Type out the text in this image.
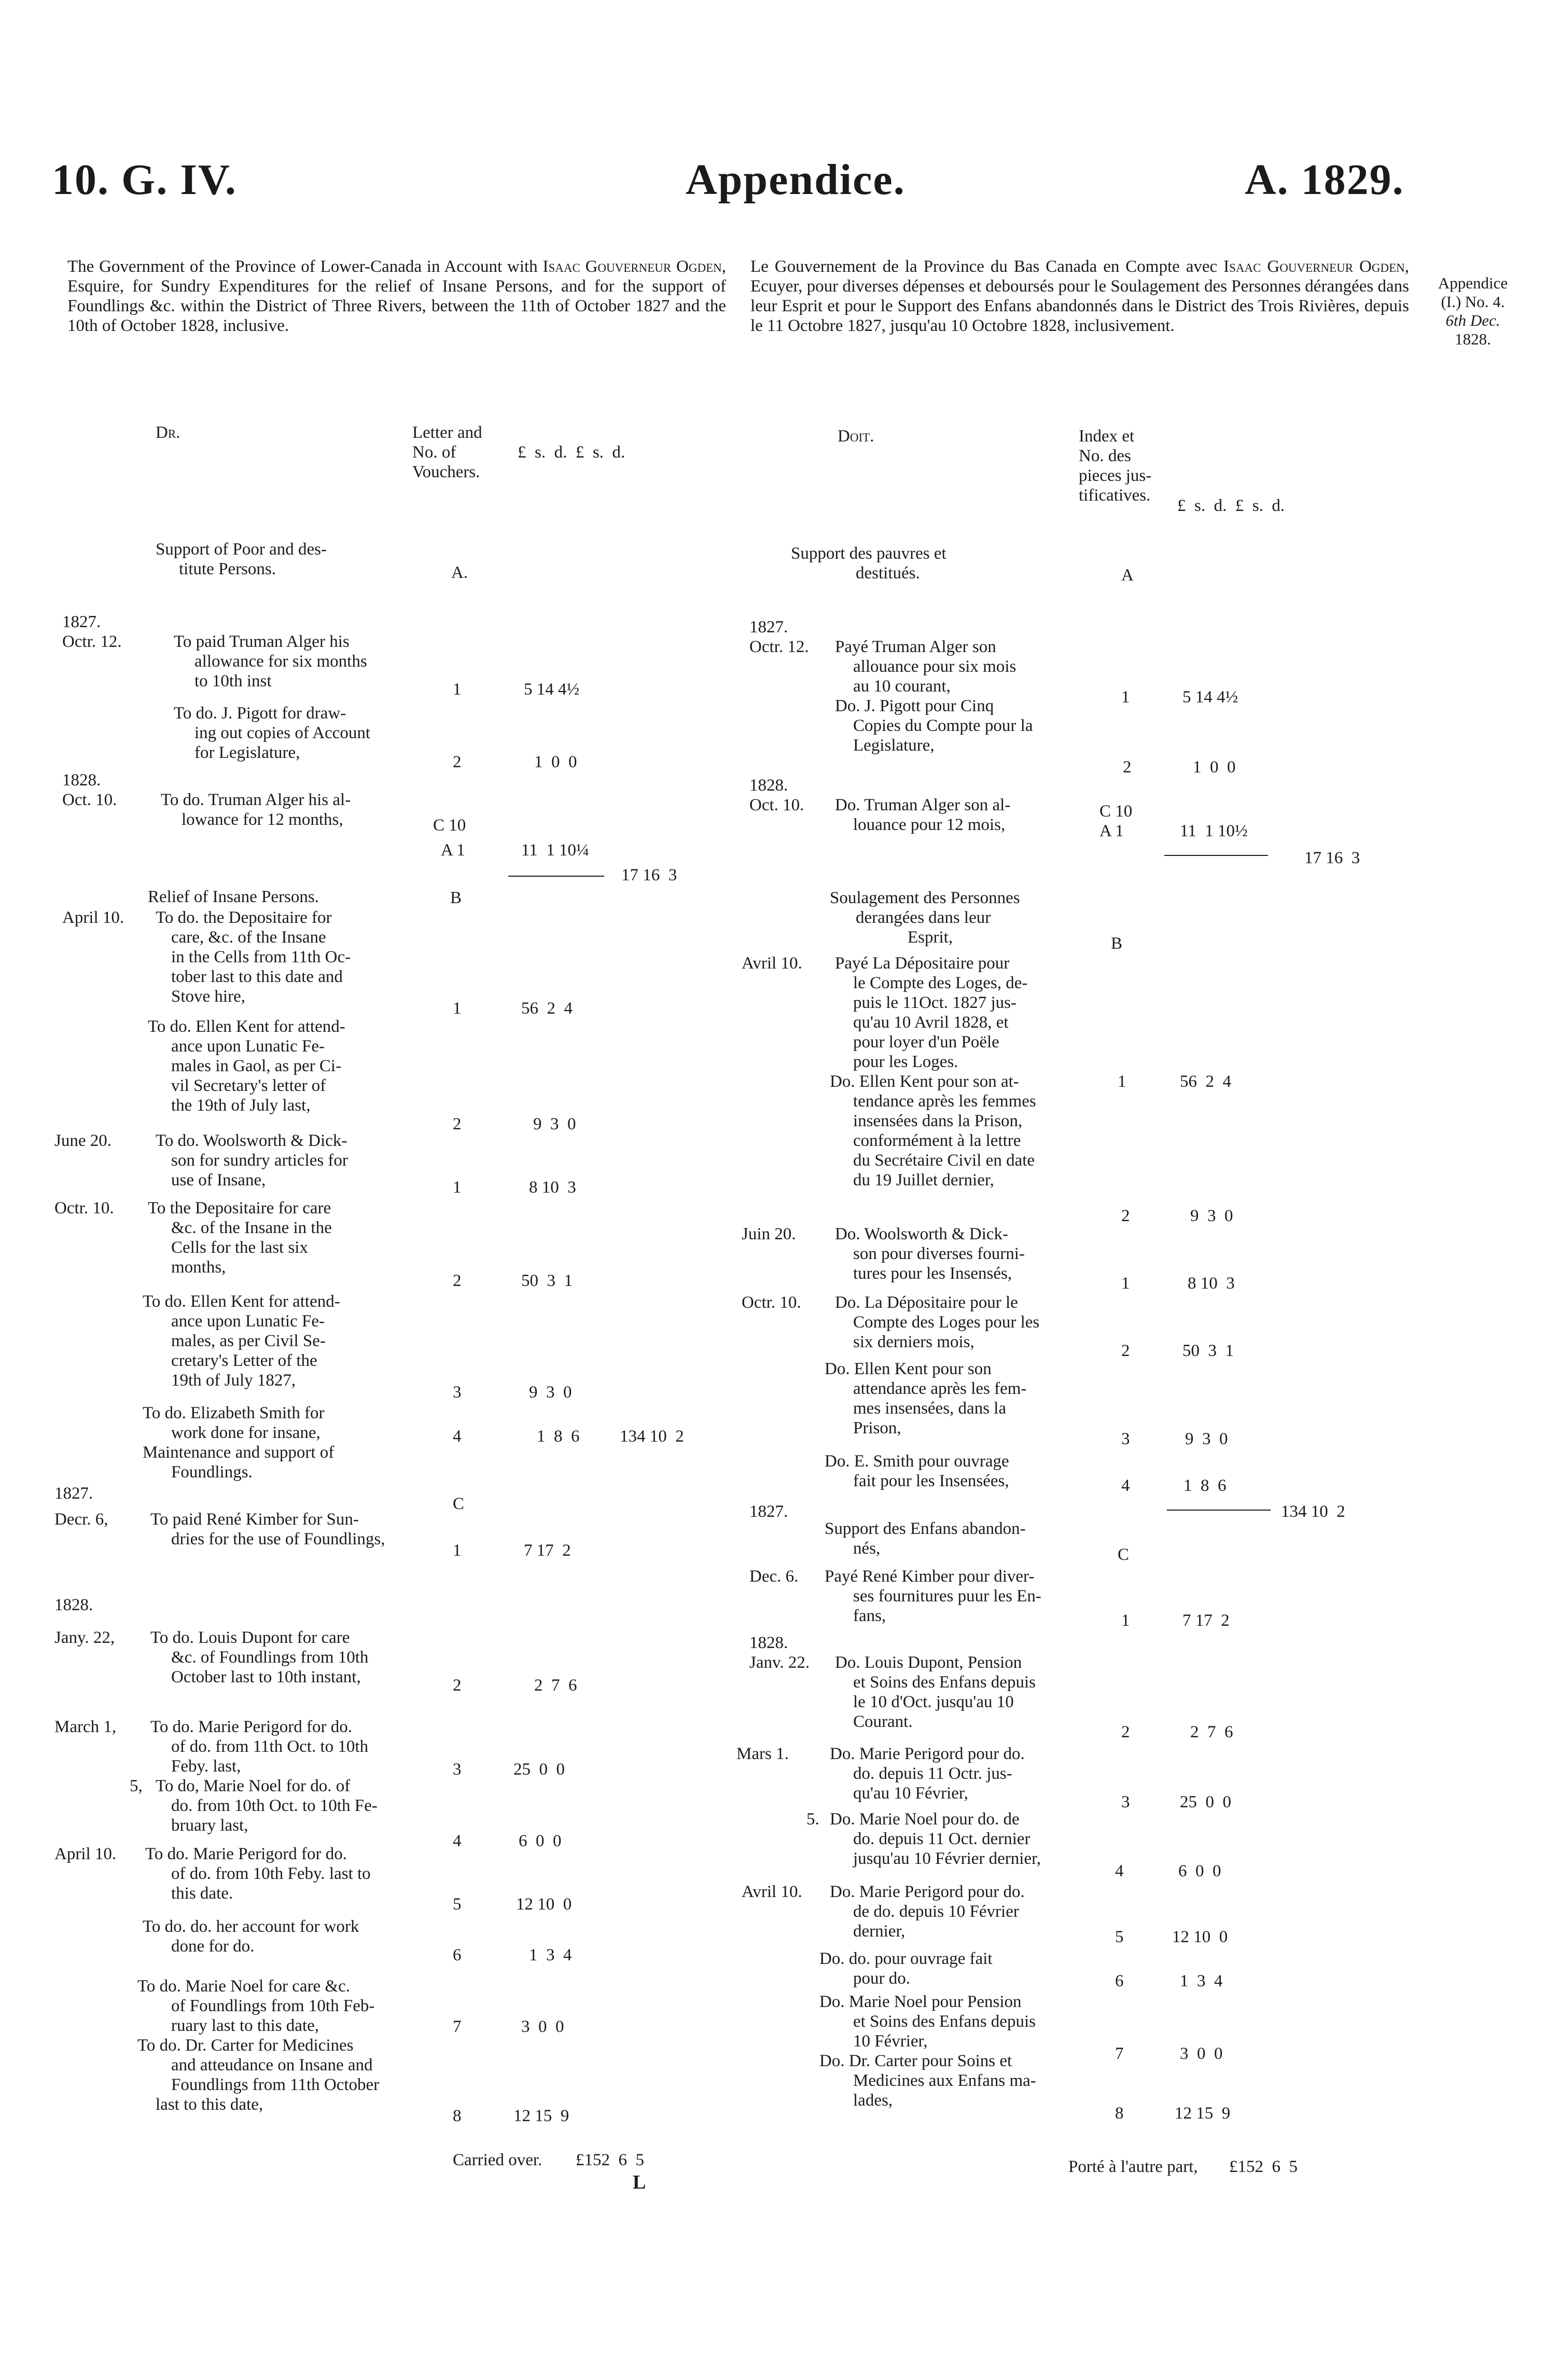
10. G. IV.	Appendice.	A. 1829.
Appendice
(I.) No. 4.
6th Dec.
1828.
The Government of the Province of Lower-Canada in Account with Isaac Gouverneur Ogden, Esquire, for Sundry Expenditures for the relief of Insane Persons, and for the support of Foundlings &c. within the District of Three Rivers, between the 11th of October 1827 and the 10th of October 1828, inclusive.
Le Gouvernement de la Province du Bas Canada en Compte avec Isaac Gouverneur Ogden, Ecuyer, pour diverses dépenses et deboursés pour le Soulagement des Personnes dérangées dans leur Esprit et pour le Support des Enfans abandonnés dans le District des Trois Rivières, depuis le 11 Octobre 1827, jusqu'au 10 Octobre 1828, inclusivement.
Dr.	Letter and
No. of
Vouchers.
£  s.  d.  £  s.  d.
Doit.	Index et
No. des
pieces jus-
tificatives.
£  s.  d.  £  s.  d.
Support of Poor and des-
titute Persons.	A.
Support des pauvres et
destitués.	A
1827.
Octr. 12.	To paid Truman Alger his
allowance for six months
to 10th inst	1	5 14 4½
To do. J. Pigott for draw-
ing out copies of Account
for Legislature,	2	1  0  0
1828.
Oct. 10.	To do. Truman Alger his al-
lowance for 12 months,	C 10
A 1	11  1 10¼
17 16  3
Relief of Insane Persons.	B
April 10. To do. the Depositaire for
care, &c. of the Insane
in the Cells from 11th Oc-
tober last to this date and
Stove hire,
1	56  2  4
To do. Ellen Kent for attend-
ance upon Lunatic Fe-
males in Gaol, as per Ci-
vil Secretary's letter of
the 19th of July last,
2	9  3  0
June 20.	To do. Woolsworth & Dick-
son for sundry articles for
use of Insane,	1	8 10  3
Octr. 10. To the Depositaire for care
&c. of the Insane in the
Cells for the last six
months,
2	50  3  1
To do. Ellen Kent for attend-
ance upon Lunatic Fe-
males, as per Civil Se-
cretary's Letter of the
19th of July 1827,
3	9  3  0
To do. Elizabeth Smith for
work done for insane,	4	1  8  6 134 10  2
Maintenance and support of
Foundlings.
C
1827.
Decr. 6, To paid René Kimber for Sun-
dries for the use of Foundlings,
1	7 17  2
1828.
Jany. 22, To do. Louis Dupont for care
&c. of Foundlings from 10th
October last to 10th instant,	2	2  7  6
March 1, To do. Marie Perigord for do.
of do. from 11th Oct. to 10th
Feby. last,	3	25  0  0
5, To do, Marie Noel for do. of
do. from 10th Oct. to 10th Fe-
bruary last,
4	6  0  0
April 10. To do. Marie Perigord for do.
of do. from 10th Feby. last to
this date.
5	12 10  0
To do. do. her account for work
done for do.	6	1  3  4
To do. Marie Noel for care &c.
of Foundlings from 10th Feb-
ruary last to this date,	7	3  0  0
To do. Dr. Carter for Medicines
and atteudance on Insane and
Foundlings from 11th October
last to this date,
8	12 15  9
Carried over. £152  6  5
L
1827.
Octr. 12. Payé Truman Alger son
allouance pour six mois
au 10 courant,
1	5 14 4½
Do. J. Pigott pour Cinq
Copies du Compte pour la
Legislature,
2	1  0  0
1828.
Oct. 10. Do. Truman Alger son al-
louance pour 12 mois,
C 10
A 1	11  1 10½
17 16  3
Soulagement des Personnes
derangées dans leur
Esprit,	B
Avril 10. Payé La Dépositaire pour
le Compte des Loges, de-
puis le 11Oct. 1827 jus-
qu'au 10 Avril 1828, et
pour loyer d'un Poële
pour les Loges.
1	56  2  4
Do. Ellen Kent pour son at-
tendance après les femmes
insensées dans la Prison,
conformément à la lettre
du Secrétaire Civil en date
du 19 Juillet dernier,
2	9  3  0
Juin 20. Do. Woolsworth & Dick-
son pour diverses fourni-
tures pour les Insensés,
1	8 10  3
Octr. 10. Do. La Dépositaire pour le
Compte des Loges pour les
six derniers mois,	2	50  3  1
Do. Ellen Kent pour son
attendance après les fem-
mes insensées, dans la
Prison,
3	9  3  0
Do. E. Smith pour ouvrage
fait pour les Insensées,	4	1  8  6
134 10  2
Support des Enfans abandon-
nés,	C
1827.
Dec. 6. Payé René Kimber pour diver-
ses fournitures puur les En-
fans,	1	7 17  2
1828.
Janv. 22. Do. Louis Dupont, Pension
et Soins des Enfans depuis
le 10 d'Oct. jusqu'au 10
Courant.
2	2  7  6
Mars 1. Do. Marie Perigord pour do.
do. depuis 11 Octr. jus-
qu'au 10 Février,	3	25  0  0
5. Do. Marie Noel pour do. de
do. depuis 11 Oct. dernier
jusqu'au 10 Février dernier,
4	6  0  0
Avril 10. Do. Marie Perigord pour do.
de do. depuis 10 Février
dernier,	5	12 10  0
Do. do. pour ouvrage fait
pour do.	6	1  3  4
Do. Marie Noel pour Pension
et Soins des Enfans depuis
10 Février,
7	3  0  0
Do. Dr. Carter pour Soins et
Medicines aux Enfans ma-
lades,
8	12 15  9
Porté à l'autre part, £152  6  5
